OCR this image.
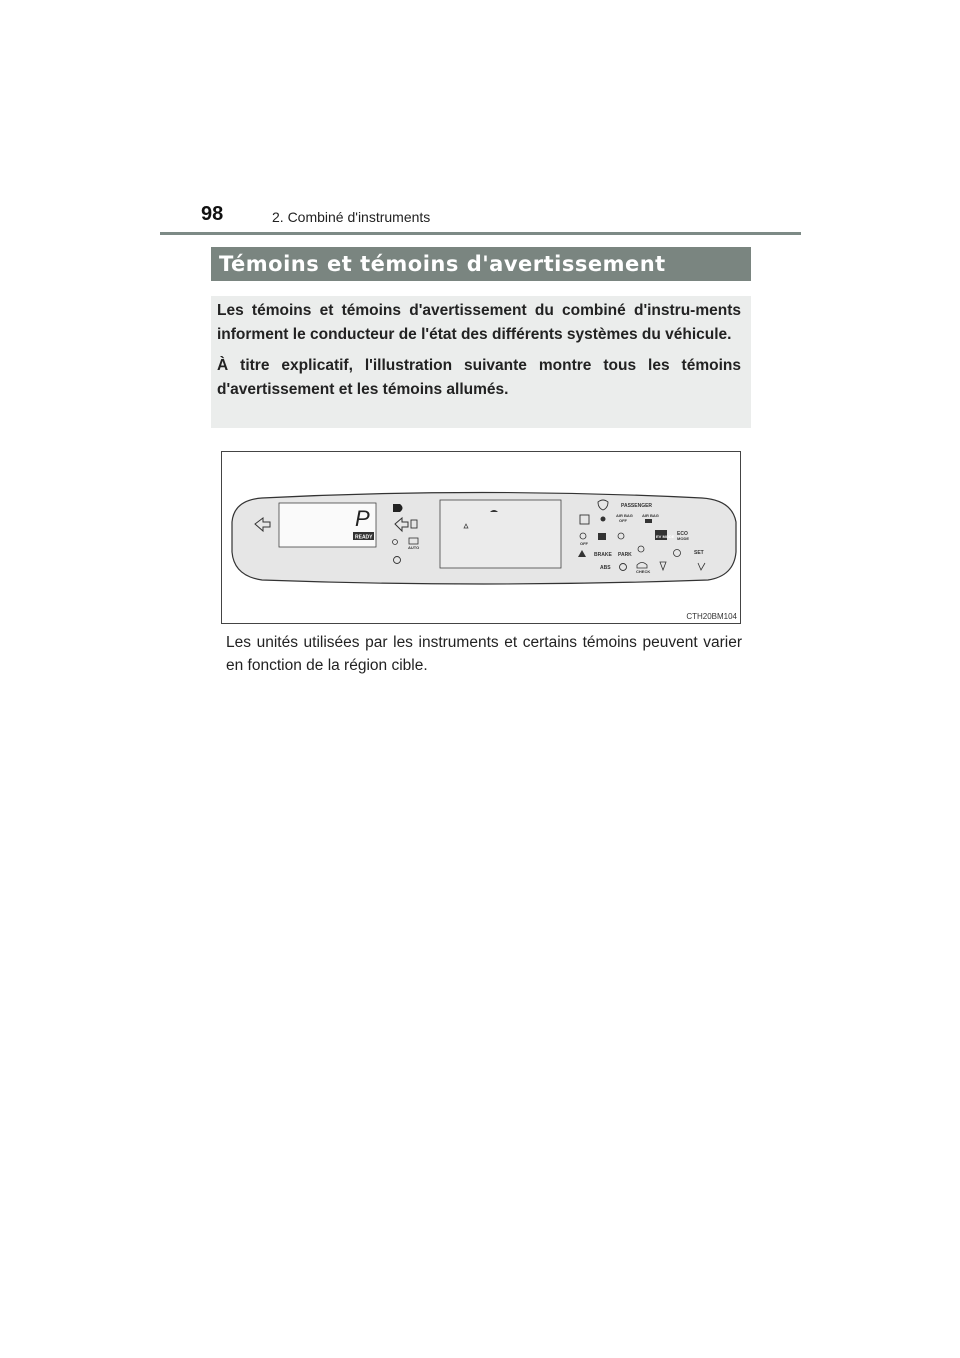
98	2. Combiné d'instruments
Témoins et témoins d'avertissement

Les témoins et témoins d'avertissement du combiné d'instru-ments informent le conducteur de l'état des différents systèmes du véhicule.

À titre explicatif, l'illustration suivante montre tous les témoins d'avertissement et les témoins allumés.

P
READY
AUTO
PASSENGER
AIR BAG
OFF
AIR BAG
OFF
EV MODE ECO
MODE
BRAKE PARK	SET
ABS
CHECK
CTH20BM104
Les unités utilisées par les instruments et certains témoins peuvent varier en fonction de la région cible.
